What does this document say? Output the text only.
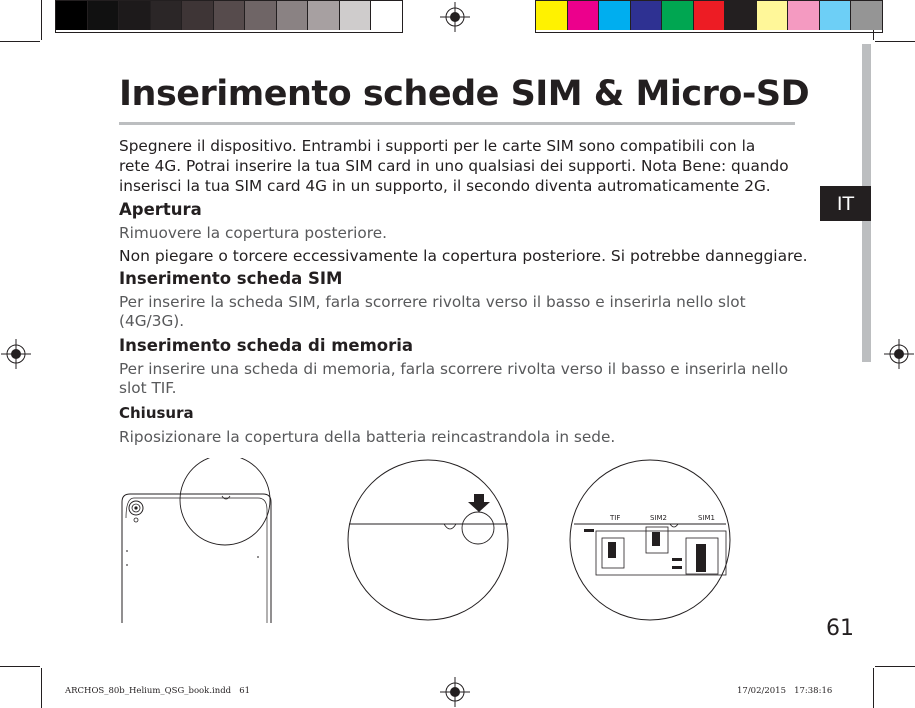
IT
Inserimento schede SIM & Micro-SD
Spegnere il dispositivo. Entrambi i supporti per le carte SIM sono compatibili con la
rete 4G. Potrai inserire la tua SIM card in uno qualsiasi dei supporti. Nota Bene: quando
inserisci la tua SIM card 4G in un supporto, il secondo diventa autromaticamente 2G.
Apertura
Rimuovere la copertura posteriore.
Non piegare o torcere eccessivamente la copertura posteriore. Si potrebbe danneggiare.
Inserimento scheda SIM
Per inserire la scheda SIM, farla scorrere rivolta verso il basso e inserirla nello slot
(4G/3G).
Inserimento scheda di memoria
Per inserire una scheda di memoria, farla scorrere rivolta verso il basso e inserirla nello
slot TIF.
Chiusura
Riposizionare la copertura della batteria reincastrandola in sede.
TIF	SIM2	SIM1
61
ARCHOS_80b_Helium_QSG_book.indd   61	17/02/2015   17:38:16
